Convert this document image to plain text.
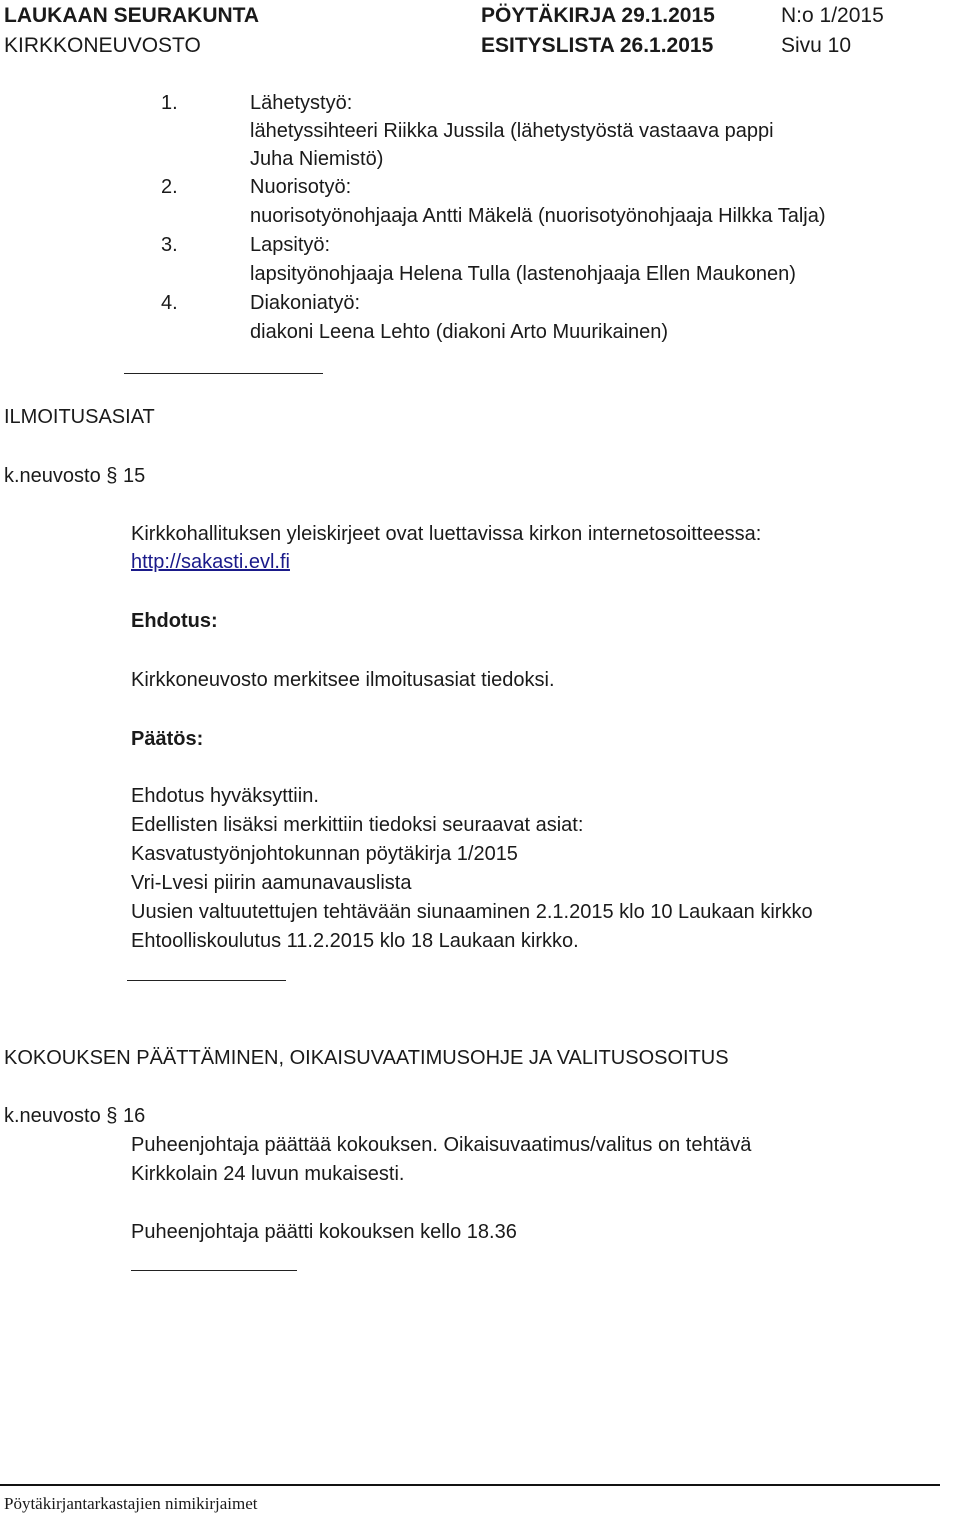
LAUKAAN SEURAKUNTA
KIRKKONEUVOSTO
PÖYTÄKIRJA 29.1.2015
ESITYSLISTA 26.1.2015
N:o 1/2015
Sivu 10
1.	Lähetystyö:
lähetyssihteeri Riikka Jussila (lähetystyöstä vastaava pappi
Juha Niemistö)
2.	Nuorisotyö:
nuorisotyönohjaaja Antti Mäkelä (nuorisotyönohjaaja Hilkka Talja)
3.	Lapsityö:
lapsityönohjaaja Helena Tulla (lastenohjaaja Ellen Maukonen)
4.	Diakoniatyö:
diakoni Leena Lehto (diakoni Arto Muurikainen)
ILMOITUSASIAT
k.neuvosto § 15
Kirkkohallituksen yleiskirjeet ovat luettavissa kirkon internetosoitteessa:
http://sakasti.evl.fi
Ehdotus:
Kirkkoneuvosto merkitsee ilmoitusasiat tiedoksi.
Päätös:
Ehdotus hyväksyttiin.
Edellisten lisäksi merkittiin tiedoksi seuraavat asiat:
Kasvatustyönjohtokunnan pöytäkirja 1/2015
Vri-Lvesi piirin aamunavauslista
Uusien valtuutettujen tehtävään siunaaminen 2.1.2015 klo 10 Laukaan kirkko
Ehtoolliskoulutus 11.2.2015 klo 18 Laukaan kirkko.
KOKOUKSEN PÄÄTTÄMINEN, OIKAISUVAATIMUSOHJE JA VALITUSOSOITUS
k.neuvosto § 16
Puheenjohtaja päättää kokouksen. Oikaisuvaatimus/valitus on tehtävä
Kirkkolain 24 luvun mukaisesti.
Puheenjohtaja päätti kokouksen kello 18.36
Pöytäkirjantarkastajien nimikirjaimet
